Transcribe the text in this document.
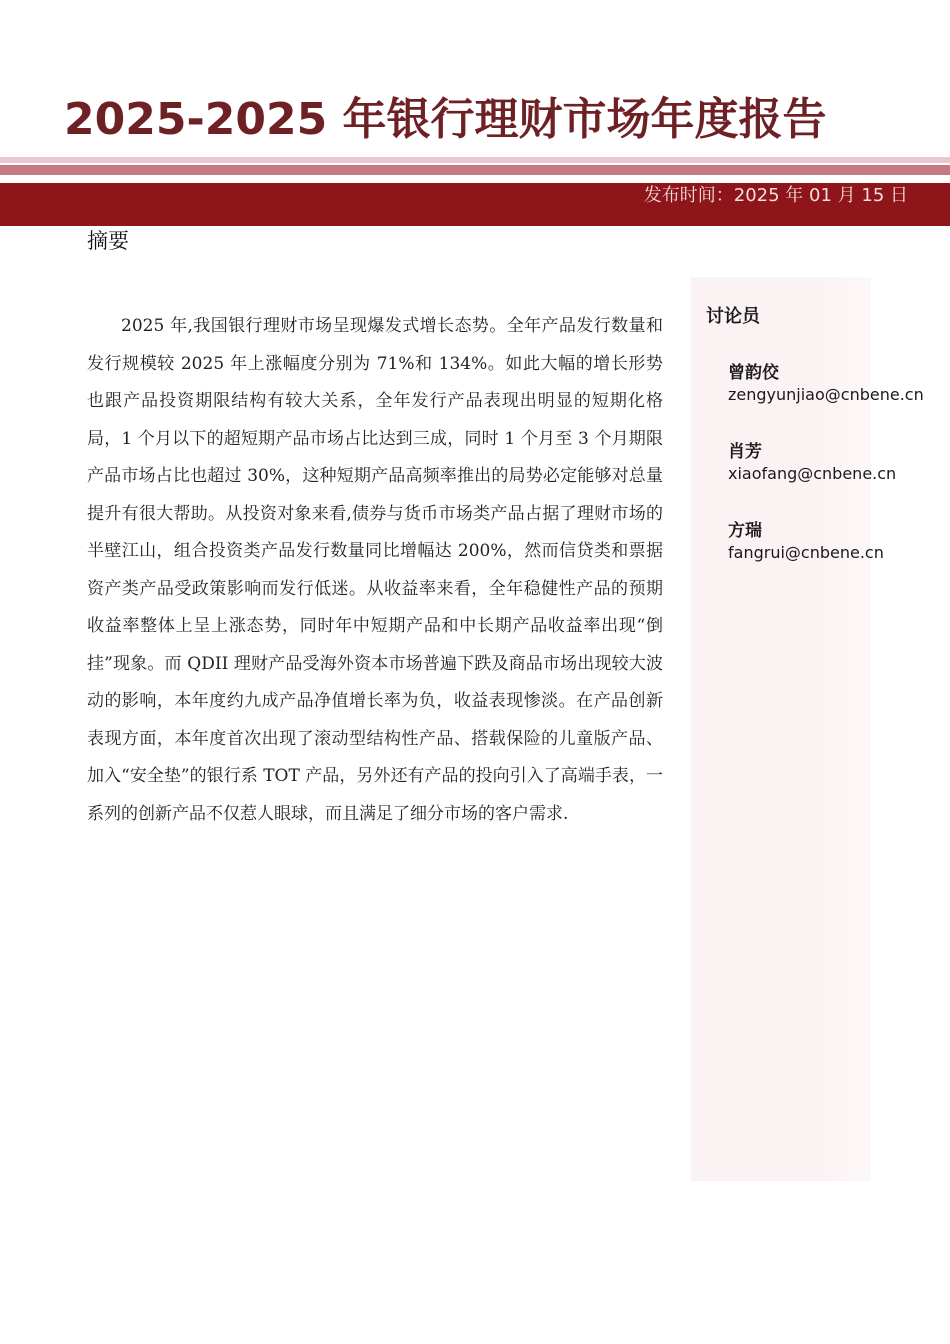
2025-2025 年银行理财市场年度报告
发布时间：2025 年 01 月 15 日
摘要

2025 年,我国银行理财市场呈现爆发式增长态势。全年产品发行数量和发行规模较 2025 年上涨幅度分别为 71%和 134%。如此大幅的增长形势也跟产品投资期限结构有较大关系，全年发行产品表现出明显的短期化格局，1 个月以下的超短期产品市场占比达到三成，同时 1 个月至 3 个月期限产品市场占比也超过 30%，这种短期产品高频率推出的局势必定能够对总量提升有很大帮助。从投资对象来看,债券与货币市场类产品占据了理财市场的半壁江山，组合投资类产品发行数量同比增幅达 200%，然而信贷类和票据资产类产品受政策影响而发行低迷。从收益率来看，全年稳健性产品的预期收益率整体上呈上涨态势，同时年中短期产品和中长期产品收益率出现“倒挂”现象。而 QDII 理财产品受海外资本市场普遍下跌及商品市场出现较大波动的影响，本年度约九成产品净值增长率为负，收益表现惨淡。在产品创新表现方面，本年度首次出现了滚动型结构性产品、搭载保险的儿童版产品、加入“安全垫”的银行系 TOT 产品，另外还有产品的投向引入了高端手表，一系列的创新产品不仅惹人眼球，而且满足了细分市场的客户需求.

讨论员
曾韵佼
zengyunjiao@cnbene.cn
肖芳
xiaofang@cnbene.cn
方瑞
fangrui@cnbene.cn
